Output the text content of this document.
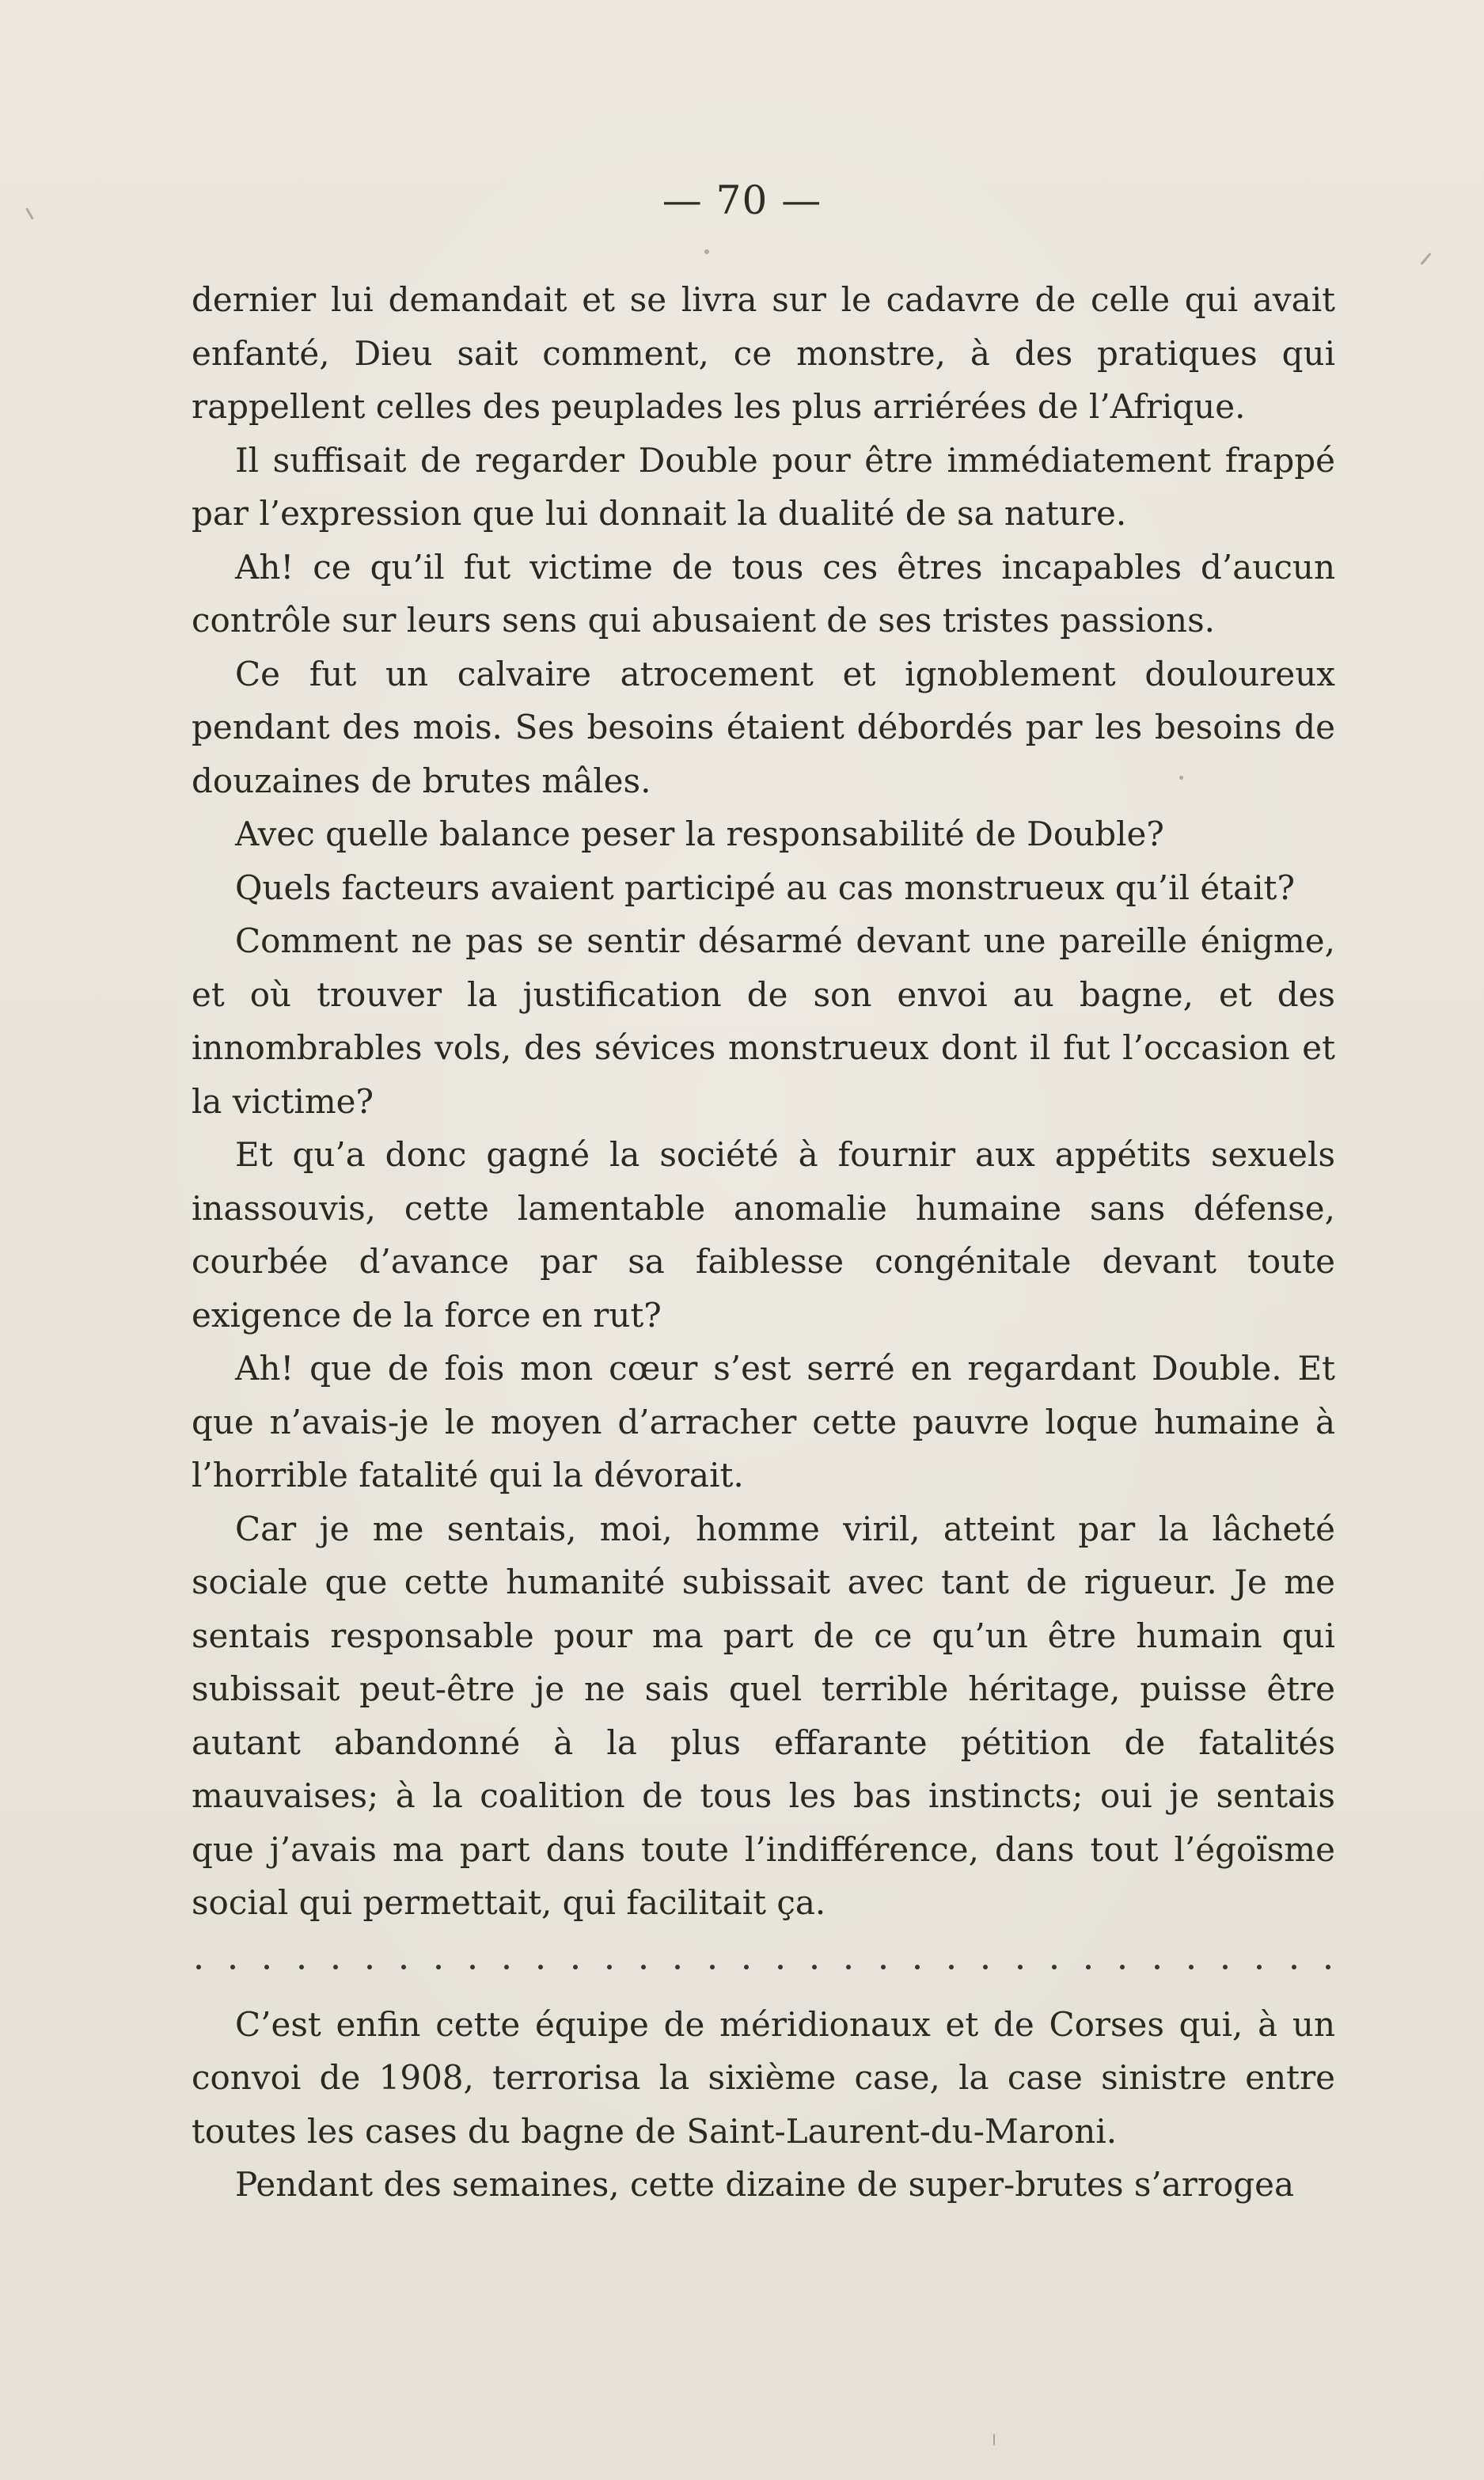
— 70 —

dernier lui demandait et se livra sur le cadavre de celle qui avait enfanté, Dieu sait comment, ce monstre, à des pratiques qui rappellent celles des peuplades les plus arriérées de l’Afrique.

Il suffisait de regarder Double pour être immédiatement frappé par l’expression que lui donnait la dualité de sa nature.

Ah! ce qu’il fut victime de tous ces êtres incapables d’aucun contrôle sur leurs sens qui abusaient de ses tristes passions.

Ce fut un calvaire atrocement et ignoblement douloureux pendant des mois. Ses besoins étaient débordés par les besoins de douzaines de brutes mâles.

Avec quelle balance peser la responsabilité de Double?

Quels facteurs avaient participé au cas monstrueux qu’il était?

Comment ne pas se sentir désarmé devant une pareille énigme, et où trouver la justification de son envoi au bagne, et des innombrables vols, des sévices monstrueux dont il fut l’occasion et la victime?

Et qu’a donc gagné la société à fournir aux appétits sexuels inassouvis, cette lamentable anomalie humaine sans défense, courbée d’avance par sa faiblesse congénitale devant toute exigence de la force en rut?

Ah! que de fois mon cœur s’est serré en regardant Double. Et que n’avais-je le moyen d’arracher cette pauvre loque humaine à l’horrible fatalité qui la dévorait.

Car je me sentais, moi, homme viril, atteint par la lâcheté sociale que cette humanité subissait avec tant de rigueur. Je me sentais responsable pour ma part de ce qu’un être humain qui subissait peut-être je ne sais quel terrible héritage, puisse être autant abandonné à la plus effarante pétition de fatalités mauvaises; à la coalition de tous les bas instincts; oui je sentais que j’avais ma part dans toute l’indifférence, dans tout l’égoïsme social qui permettait, qui facilitait ça.

C’est enfin cette équipe de méridionaux et de Corses qui, à un convoi de 1908, terrorisa la sixième case, la case sinistre entre toutes les cases du bagne de Saint-Laurent-du-Maroni.

Pendant des semaines, cette dizaine de super-brutes s’arrogea
